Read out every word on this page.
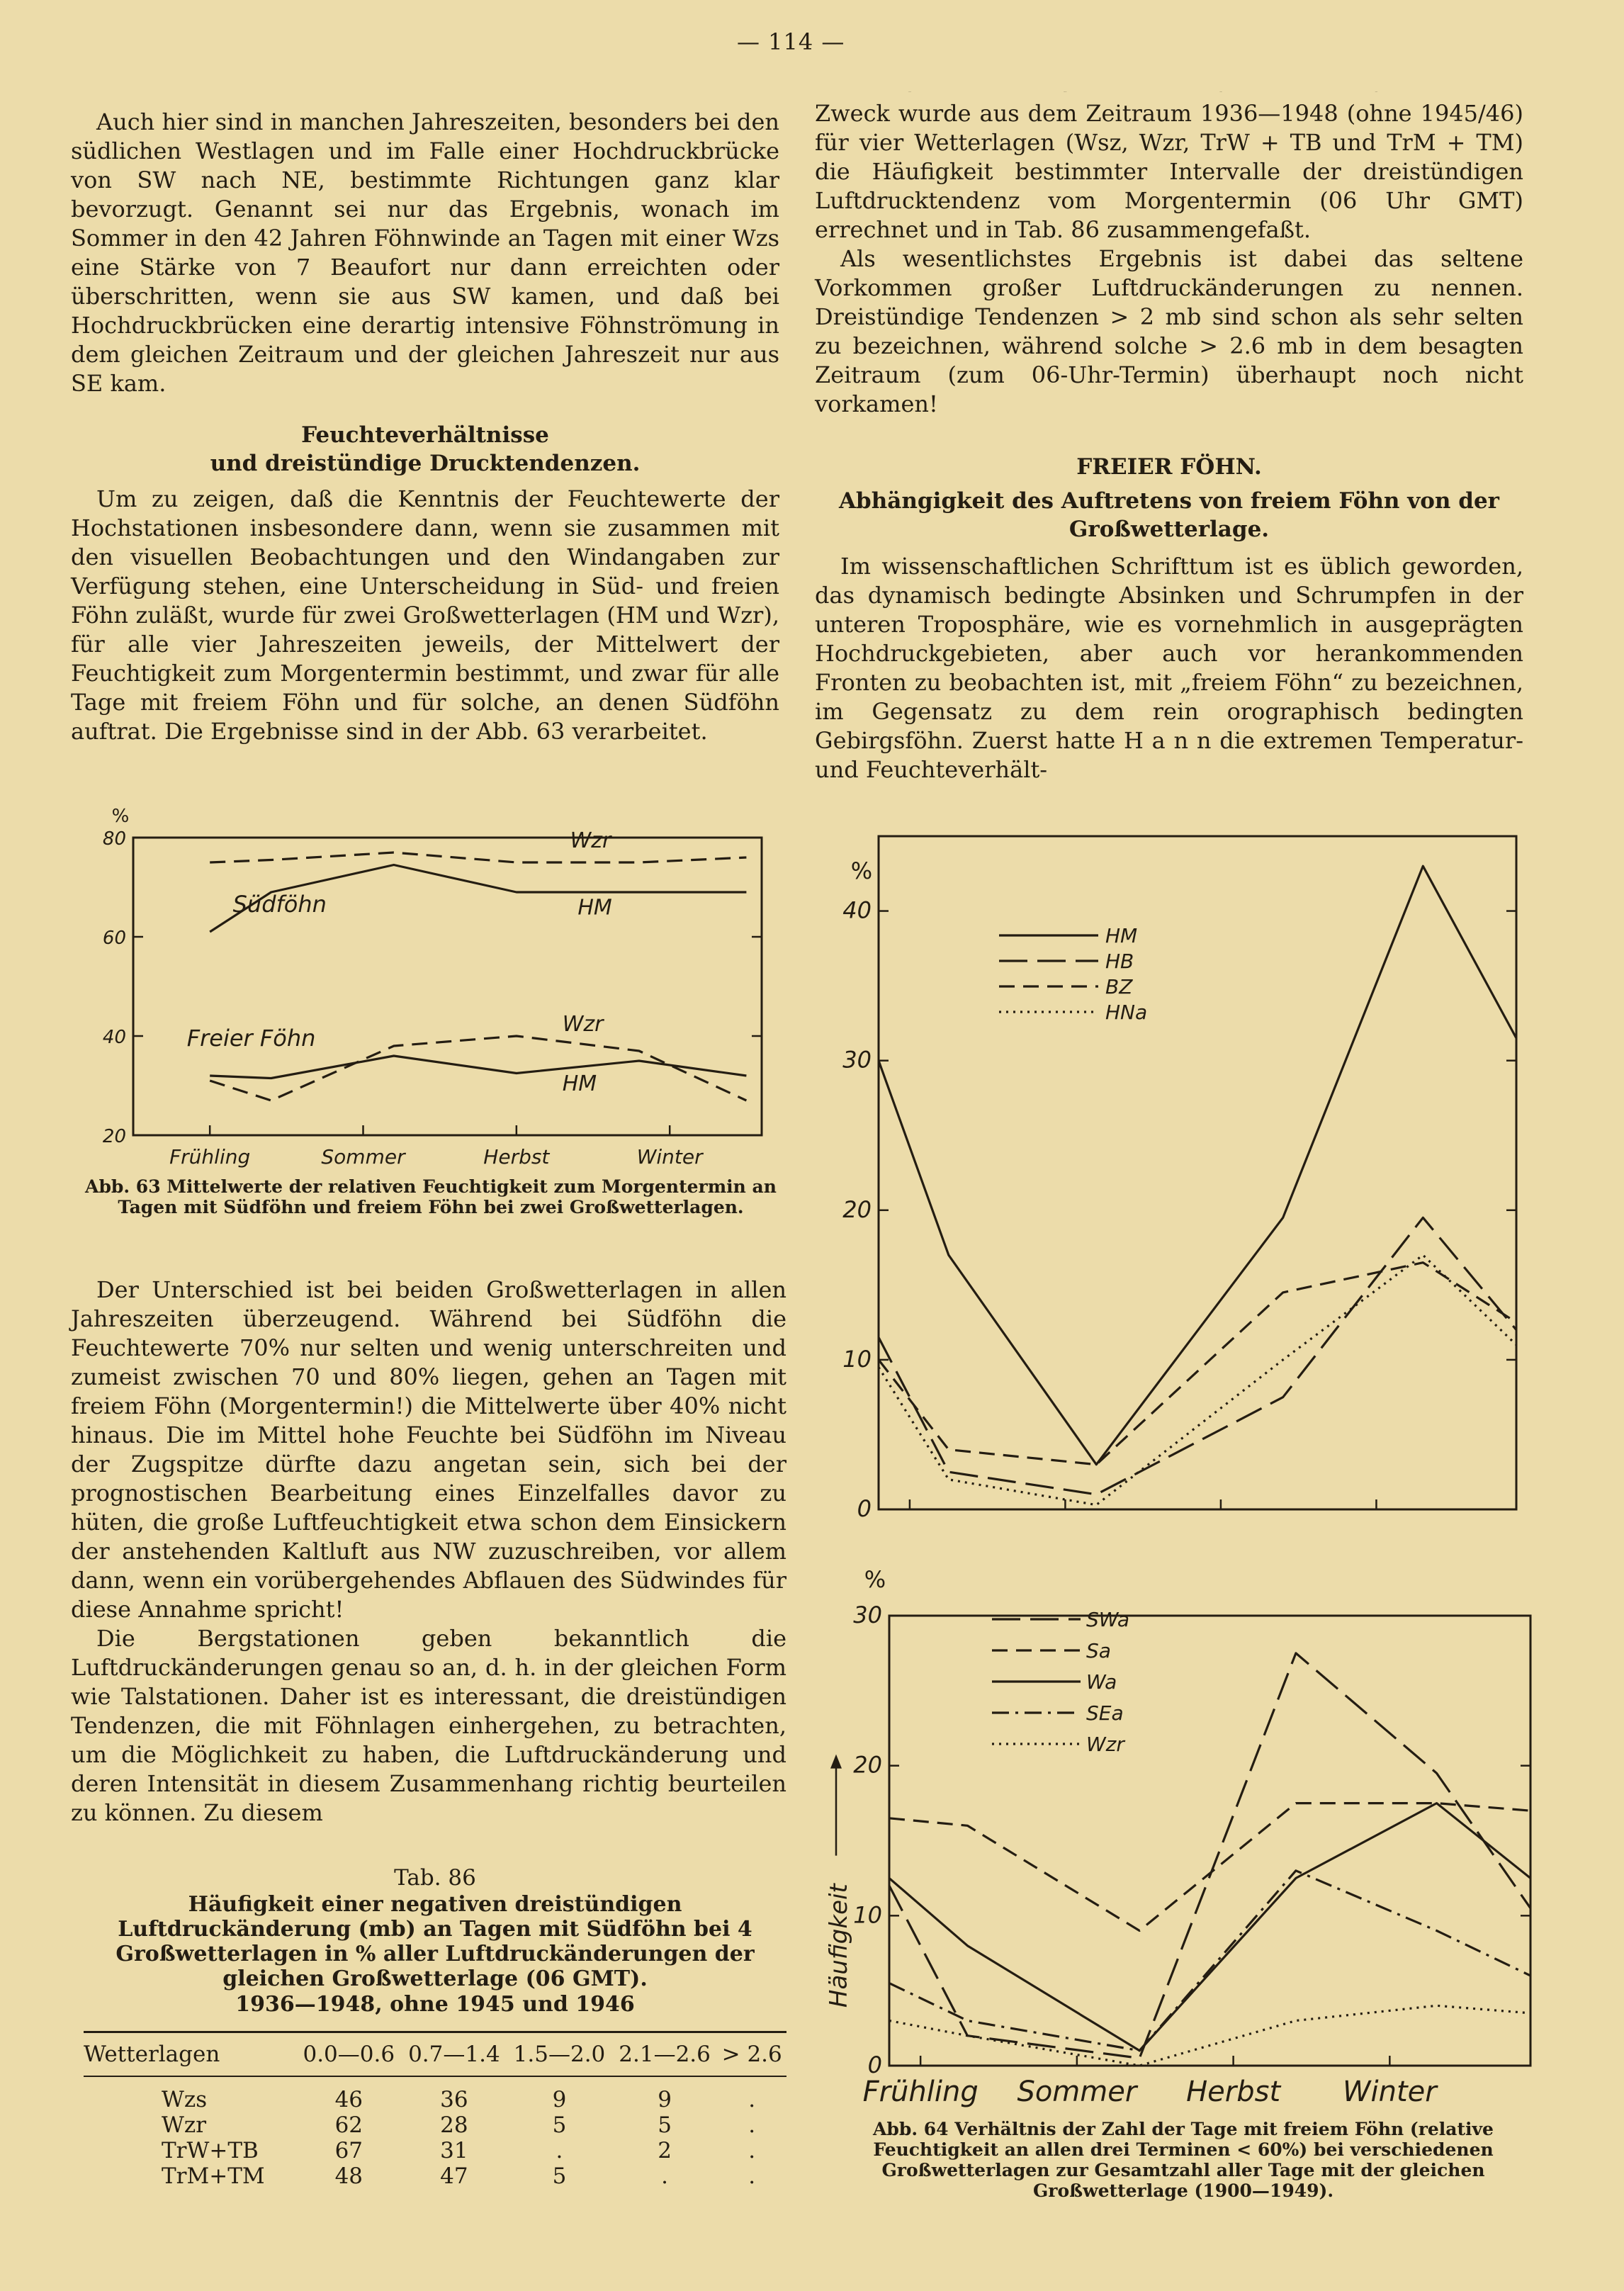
— 114 —

Auch hier sind in manchen Jahreszeiten, besonders bei den südlichen Westlagen und im Falle einer Hochdruckbrücke von SW nach NE, bestimmte Richtungen ganz klar bevorzugt. Genannt sei nur das Ergebnis, wonach im Sommer in den 42 Jahren Föhnwinde an Tagen mit einer Wzs eine Stärke von 7 Beaufort nur dann erreichten oder überschritten, wenn sie aus SW kamen, und daß bei Hochdruckbrücken eine derartig intensive Föhnströmung in dem gleichen Zeitraum und der gleichen Jahreszeit nur aus SE kam.

Feuchteverhältnisse

und dreistündige Drucktendenzen.

Um zu zeigen, daß die Kenntnis der Feuchtewerte der Hochstationen insbesondere dann, wenn sie zusammen mit den visuellen Beobachtungen und den Windangaben zur Verfügung stehen, eine Unterscheidung in Süd- und freien Föhn zuläßt, wurde für zwei Großwetterlagen (HM und Wzr), für alle vier Jahreszeiten jeweils, der Mittelwert der Feuchtigkeit zum Morgentermin bestimmt, und zwar für alle Tage mit freiem Föhn und für solche, an denen Südföhn auftrat. Die Ergebnisse sind in der Abb. 63 verarbeitet.

20
40
60
80
Frühling	Sommer	Herbst	Winter
%
Südföhn
Freier Föhn
Wzr
HM
Wzr
HM
Abb. 63 Mittelwerte der relativen Feuchtigkeit zum Morgentermin an Tagen mit Südföhn und freiem Föhn bei zwei Großwetterlagen.

Der Unterschied ist bei beiden Großwetterlagen in allen Jahreszeiten überzeugend. Während bei Südföhn die Feuchtewerte 70% nur selten und wenig unterschreiten und zumeist zwischen 70 und 80% liegen, gehen an Tagen mit freiem Föhn (Morgentermin!) die Mittelwerte über 40% nicht hinaus. Die im Mittel hohe Feuchte bei Südföhn im Niveau der Zugspitze dürfte dazu angetan sein, sich bei der prognostischen Bearbeitung eines Einzelfalles davor zu hüten, die große Luftfeuchtigkeit etwa schon dem Einsickern der anstehenden Kaltluft aus NW zuzuschreiben, vor allem dann, wenn ein vorübergehendes Abflauen des Südwindes für diese Annahme spricht!

Die Bergstationen geben bekanntlich die Luftdruckänderungen genau so an, d. h. in der gleichen Form wie Talstationen. Daher ist es interessant, die dreistündigen Tendenzen, die mit Föhnlagen einhergehen, zu betrachten, um die Möglichkeit zu haben, die Luftdruckänderung und deren Intensität in diesem Zusammenhang richtig beurteilen zu können. Zu diesem

Tab. 86
Häufigkeit einer negativen dreistündigen Luftdruckänderung (mb) an Tagen mit Südföhn bei 4 Großwetterlagen in % aller Luftdruckänderungen der gleichen Großwetterlage (06 GMT).
1936—1948, ohne 1945 und 1946
Wetterlagen	0.0—0.6	0.7—1.4	1.5—2.0	2.1—2.6	> 2.6

Wzs	46	36	9	9	.
Wzr	62	28	5	5	.
TrW+TB	67	31	.	2	.
TrM+TM	48	47	5	.	.

Zweck wurde aus dem Zeitraum 1936—1948 (ohne 1945/46) für vier Wetterlagen (Wsz, Wzr, TrW + TB und TrM + TM) die Häufigkeit bestimmter Intervalle der dreistündigen Luftdrucktendenz vom Morgentermin (06 Uhr GMT) errechnet und in Tab. 86 zusammengefaßt.

Als wesentlichstes Ergebnis ist dabei das seltene Vorkommen großer Luftdruckänderungen zu nennen. Dreistündige Tendenzen > 2 mb sind schon als sehr selten zu bezeichnen, während solche > 2.6 mb in dem besagten Zeitraum (zum 06-Uhr-Termin) überhaupt noch nicht vorkamen!

FREIER FÖHN.

Abhängigkeit des Auftretens von freiem Föhn von der Großwetterlage.

Im wissenschaftlichen Schrifttum ist es üblich geworden, das dynamisch bedingte Absinken und Schrumpfen in der unteren Troposphäre, wie es vornehmlich in ausgeprägten Hochdruckgebieten, aber auch vor herankommenden Fronten zu beobachten ist, mit „freiem Föhn“ zu bezeichnen, im Gegensatz zu dem rein orographisch bedingten Gebirgsföhn. Zuerst hatte H a n n die extremen Temperatur- und Feuchteverhält-

0
10
20
30
40
Frühling	Sommer	Herbst	Winter
%
HM
HB
BZ
HNa
0
10
20
30
Frühling Sommer Herbst Winter
%
Häufigkeit
SWa
Sa
Wa
SEa
Wzr
Abb. 64 Verhältnis der Zahl der Tage mit freiem Föhn (relative Feuchtigkeit an allen drei Terminen < 60%) bei verschiedenen Großwetterlagen zur Gesamtzahl aller Tage mit der gleichen Großwetterlage (1900—1949).
